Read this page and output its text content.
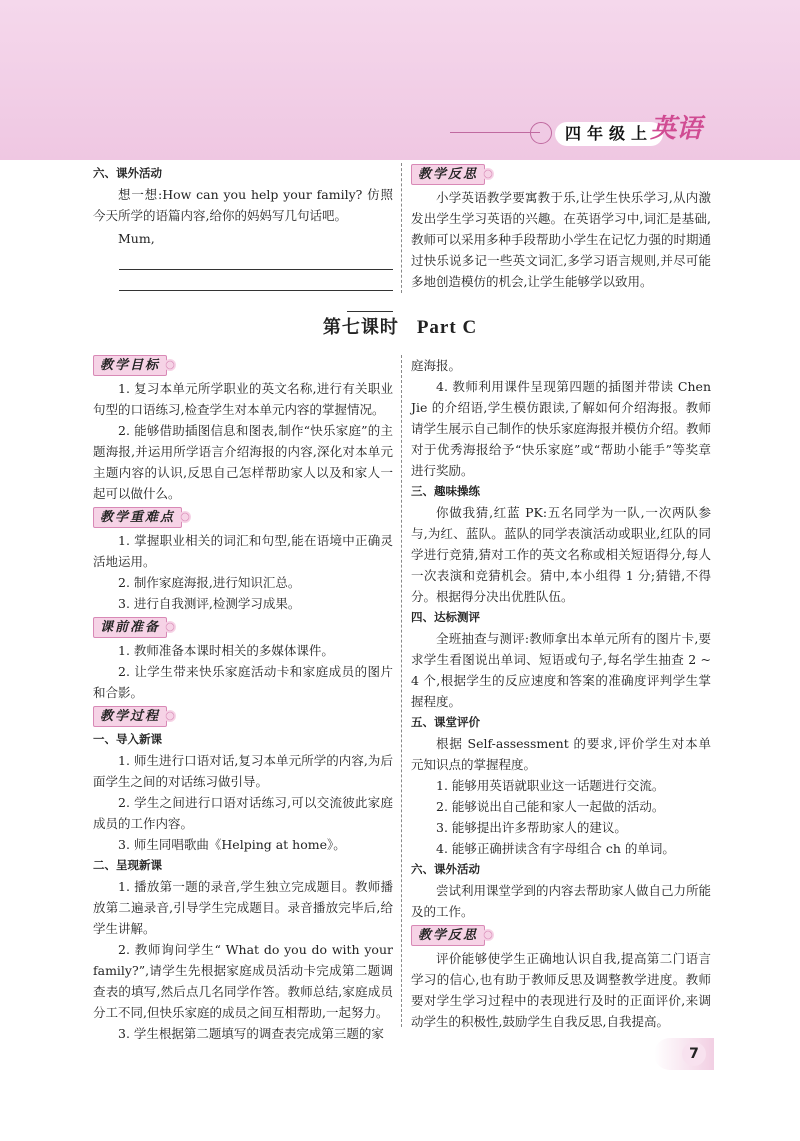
四年级上
英语
六、课外活动

想一想:How can you help your family? 仿照今天所学的语篇内容,给你的妈妈写几句话吧。

Mum,

教学反思

小学英语教学要寓教于乐,让学生快乐学习,从内激发出学生学习英语的兴趣。在英语学习中,词汇是基础,教师可以采用多种手段帮助小学生在记忆力强的时期通过快乐说多记一些英文词汇,多学习语言规则,并尽可能多地创造模仿的机会,让学生能够学以致用。

第七课时 Part C
教学目标

1. 复习本单元所学职业的英文名称,进行有关职业句型的口语练习,检查学生对本单元内容的掌握情况。

2. 能够借助插图信息和图表,制作“快乐家庭”的主题海报,并运用所学语言介绍海报的内容,深化对本单元主题内容的认识,反思自己怎样帮助家人以及和家人一起可以做什么。

教学重难点

1. 掌握职业相关的词汇和句型,能在语境中正确灵活地运用。

2. 制作家庭海报,进行知识汇总。

3. 进行自我测评,检测学习成果。

课前准备

1. 教师准备本课时相关的多媒体课件。

2. 让学生带来快乐家庭活动卡和家庭成员的图片和合影。

教学过程
一、导入新课

1. 师生进行口语对话,复习本单元所学的内容,为后面学生之间的对话练习做引导。

2. 学生之间进行口语对话练习,可以交流彼此家庭成员的工作内容。

3. 师生同唱歌曲《Helping at home》。

二、呈现新课

1. 播放第一题的录音,学生独立完成题目。教师播放第二遍录音,引导学生完成题目。录音播放完毕后,给学生讲解。

2. 教师询问学生“ What do you do with your family?”,请学生先根据家庭成员活动卡完成第二题调查表的填写,然后点几名同学作答。教师总结,家庭成员分工不同,但快乐家庭的成员之间互相帮助,一起努力。

3. 学生根据第二题填写的调查表完成第三题的家

庭海报。

4. 教师利用课件呈现第四题的插图并带读 Chen Jie 的介绍语,学生模仿跟读,了解如何介绍海报。教师请学生展示自己制作的快乐家庭海报并模仿介绍。教师对于优秀海报给予“快乐家庭”或“帮助小能手”等奖章进行奖励。

三、趣味操练

你做我猜,红蓝 PK:五名同学为一队,一次两队参与,为红、蓝队。蓝队的同学表演活动或职业,红队的同学进行竞猜,猜对工作的英文名称或相关短语得分,每人一次表演和竞猜机会。猜中,本小组得 1 分;猜错,不得分。根据得分决出优胜队伍。

四、达标测评

全班抽查与测评:教师拿出本单元所有的图片卡,要求学生看图说出单词、短语或句子,每名学生抽查 2 ~ 4 个,根据学生的反应速度和答案的准确度评判学生掌握程度。

五、课堂评价

根据 Self-assessment 的要求,评价学生对本单元知识点的掌握程度。

1. 能够用英语就职业这一话题进行交流。

2. 能够说出自己能和家人一起做的活动。

3. 能够提出许多帮助家人的建议。

4. 能够正确拼读含有字母组合 ch 的单词。

六、课外活动

尝试利用课堂学到的内容去帮助家人做自己力所能及的工作。

教学反思

评价能够使学生正确地认识自我,提高第二门语言学习的信心,也有助于教师反思及调整教学进度。教师要对学生学习过程中的表现进行及时的正面评价,来调动学生的积极性,鼓励学生自我反思,自我提高。

7
